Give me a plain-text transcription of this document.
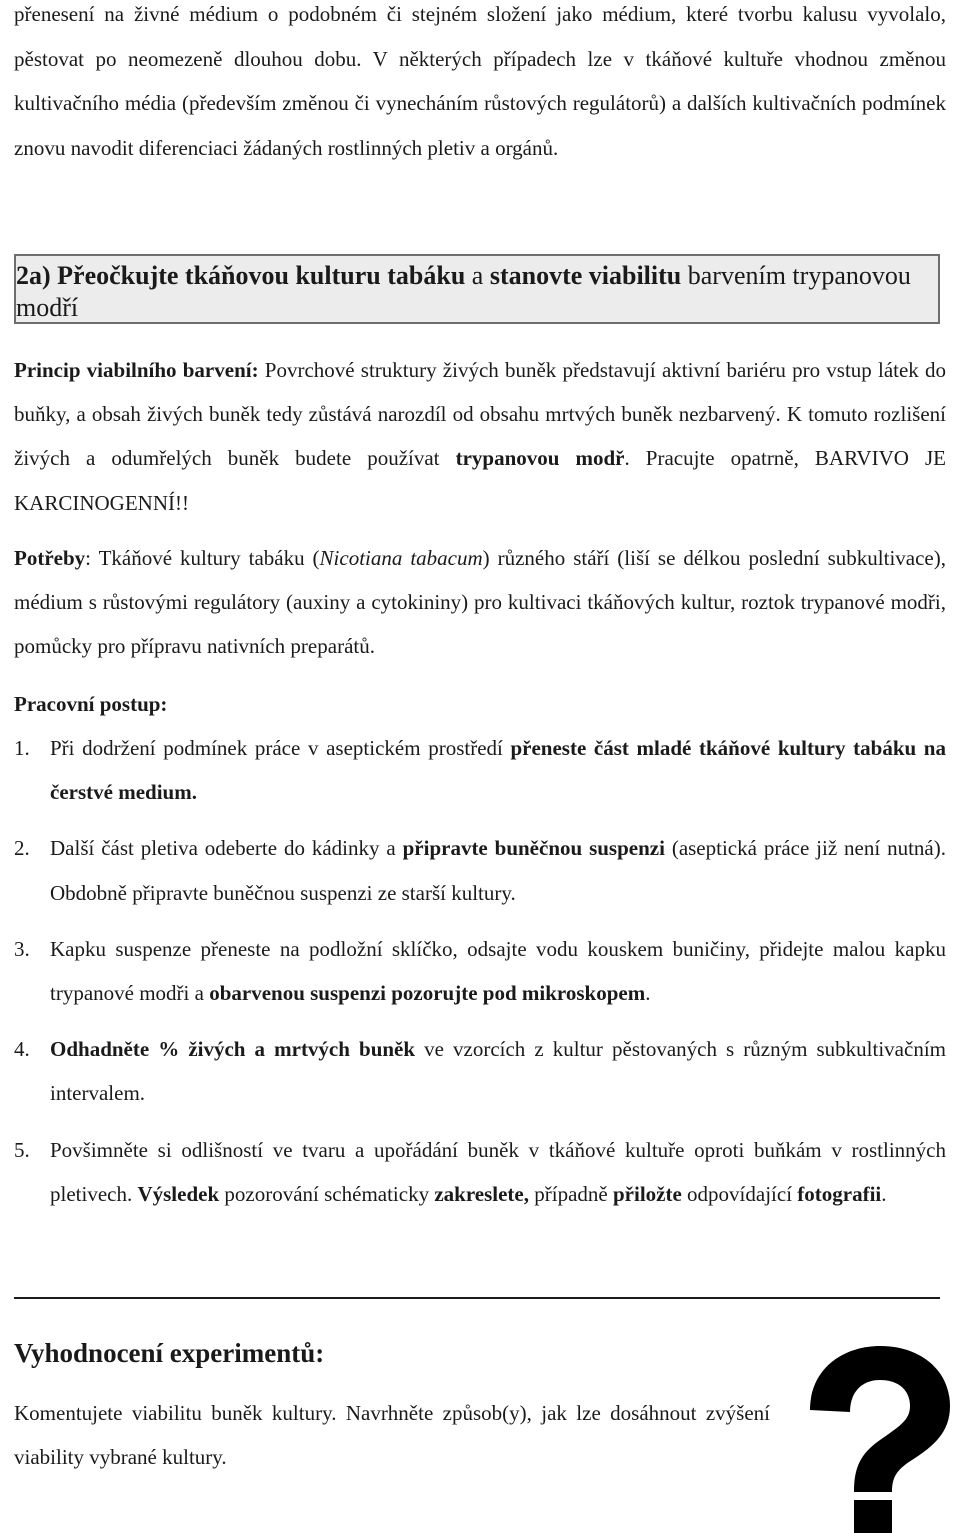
přenesení na živné médium o podobném či stejném složení jako médium, které tvorbu kalusu vyvolalo, pěstovat po neomezeně dlouhou dobu. V některých případech lze v tkáňové kultuře vhodnou změnou kultivačního média (především změnou či vynecháním růstových regulátorů) a dalších kultivačních podmínek znovu navodit diferenciaci žádaných rostlinných pletiv a orgánů.

2a) Přeočkujte tkáňovou kulturu tabáku a stanovte viabilitu barvením trypanovou modří

Princip viabilního barvení: Povrchové struktury živých buněk představují aktivní bariéru pro vstup látek do buňky, a obsah živých buněk tedy zůstává narozdíl od obsahu mrtvých buněk nezbarvený. K tomuto rozlišení živých a odumřelých buněk budete používat trypanovou modř. Pracujte opatrně, BARVIVO JE KARCINOGENNÍ!!

Potřeby: Tkáňové kultury tabáku (Nicotiana tabacum) různého stáří (liší se délkou poslední subkultivace), médium s růstovými regulátory (auxiny a cytokininy) pro kultivaci tkáňových kultur, roztok trypanové modři, pomůcky pro přípravu nativních preparátů.

Pracovní postup:

1. Při dodržení podmínek práce v aseptickém prostředí přeneste část mladé tkáňové kultury tabáku na čerstvé medium.
2. Další část pletiva odeberte do kádinky a připravte buněčnou suspenzi (aseptická práce již není nutná). Obdobně připravte buněčnou suspenzi ze starší kultury.
3. Kapku suspenze přeneste na podložní sklíčko, odsajte vodu kouskem buničiny, přidejte malou kapku trypanové modři a obarvenou suspenzi pozorujte pod mikroskopem.
4. Odhadněte % živých a mrtvých buněk ve vzorcích z kultur pěstovaných s různým subkultivačním intervalem.
5. Povšimněte si odlišností ve tvaru a upořádání buněk v tkáňové kultuře oproti buňkám v rostlinných pletivech. Výsledek pozorování schématicky zakreslete, případně přiložte odpovídající fotografii.

Vyhodnocení experimentů:

Komentujete viabilitu buněk kultury. Navrhněte způsob(y), jak lze dosáhnout zvýšení viability vybrané kultury.
